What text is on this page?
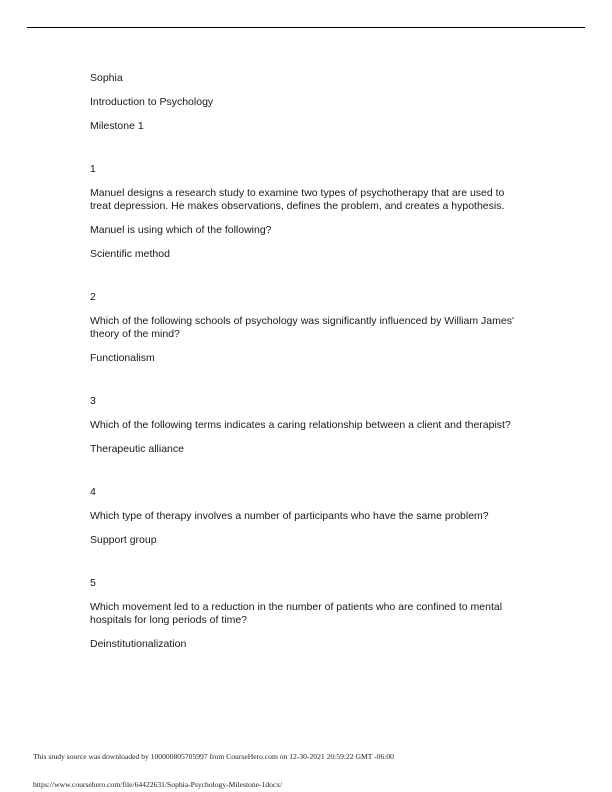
Sophia

Introduction to Psychology

Milestone 1

1

Manuel designs a research study to examine two types of psychotherapy that are used to treat depression. He makes observations, defines the problem, and creates a hypothesis.

Manuel is using which of the following?

Scientific method

2

Which of the following schools of psychology was significantly influenced by William James' theory of the mind?

Functionalism

3

Which of the following terms indicates a caring relationship between a client and therapist?

Therapeutic alliance

4

Which type of therapy involves a number of participants who have the same problem?

Support group

5

Which movement led to a reduction in the number of patients who are confined to mental hospitals for long periods of time?

Deinstitutionalization

This study source was downloaded by 100000805705997 from CourseHero.com on 12-30-2021 20:59:22 GMT -06:00
https://www.coursehero.com/file/64422631/Sophia-Psychology-Milestone-1docx/
